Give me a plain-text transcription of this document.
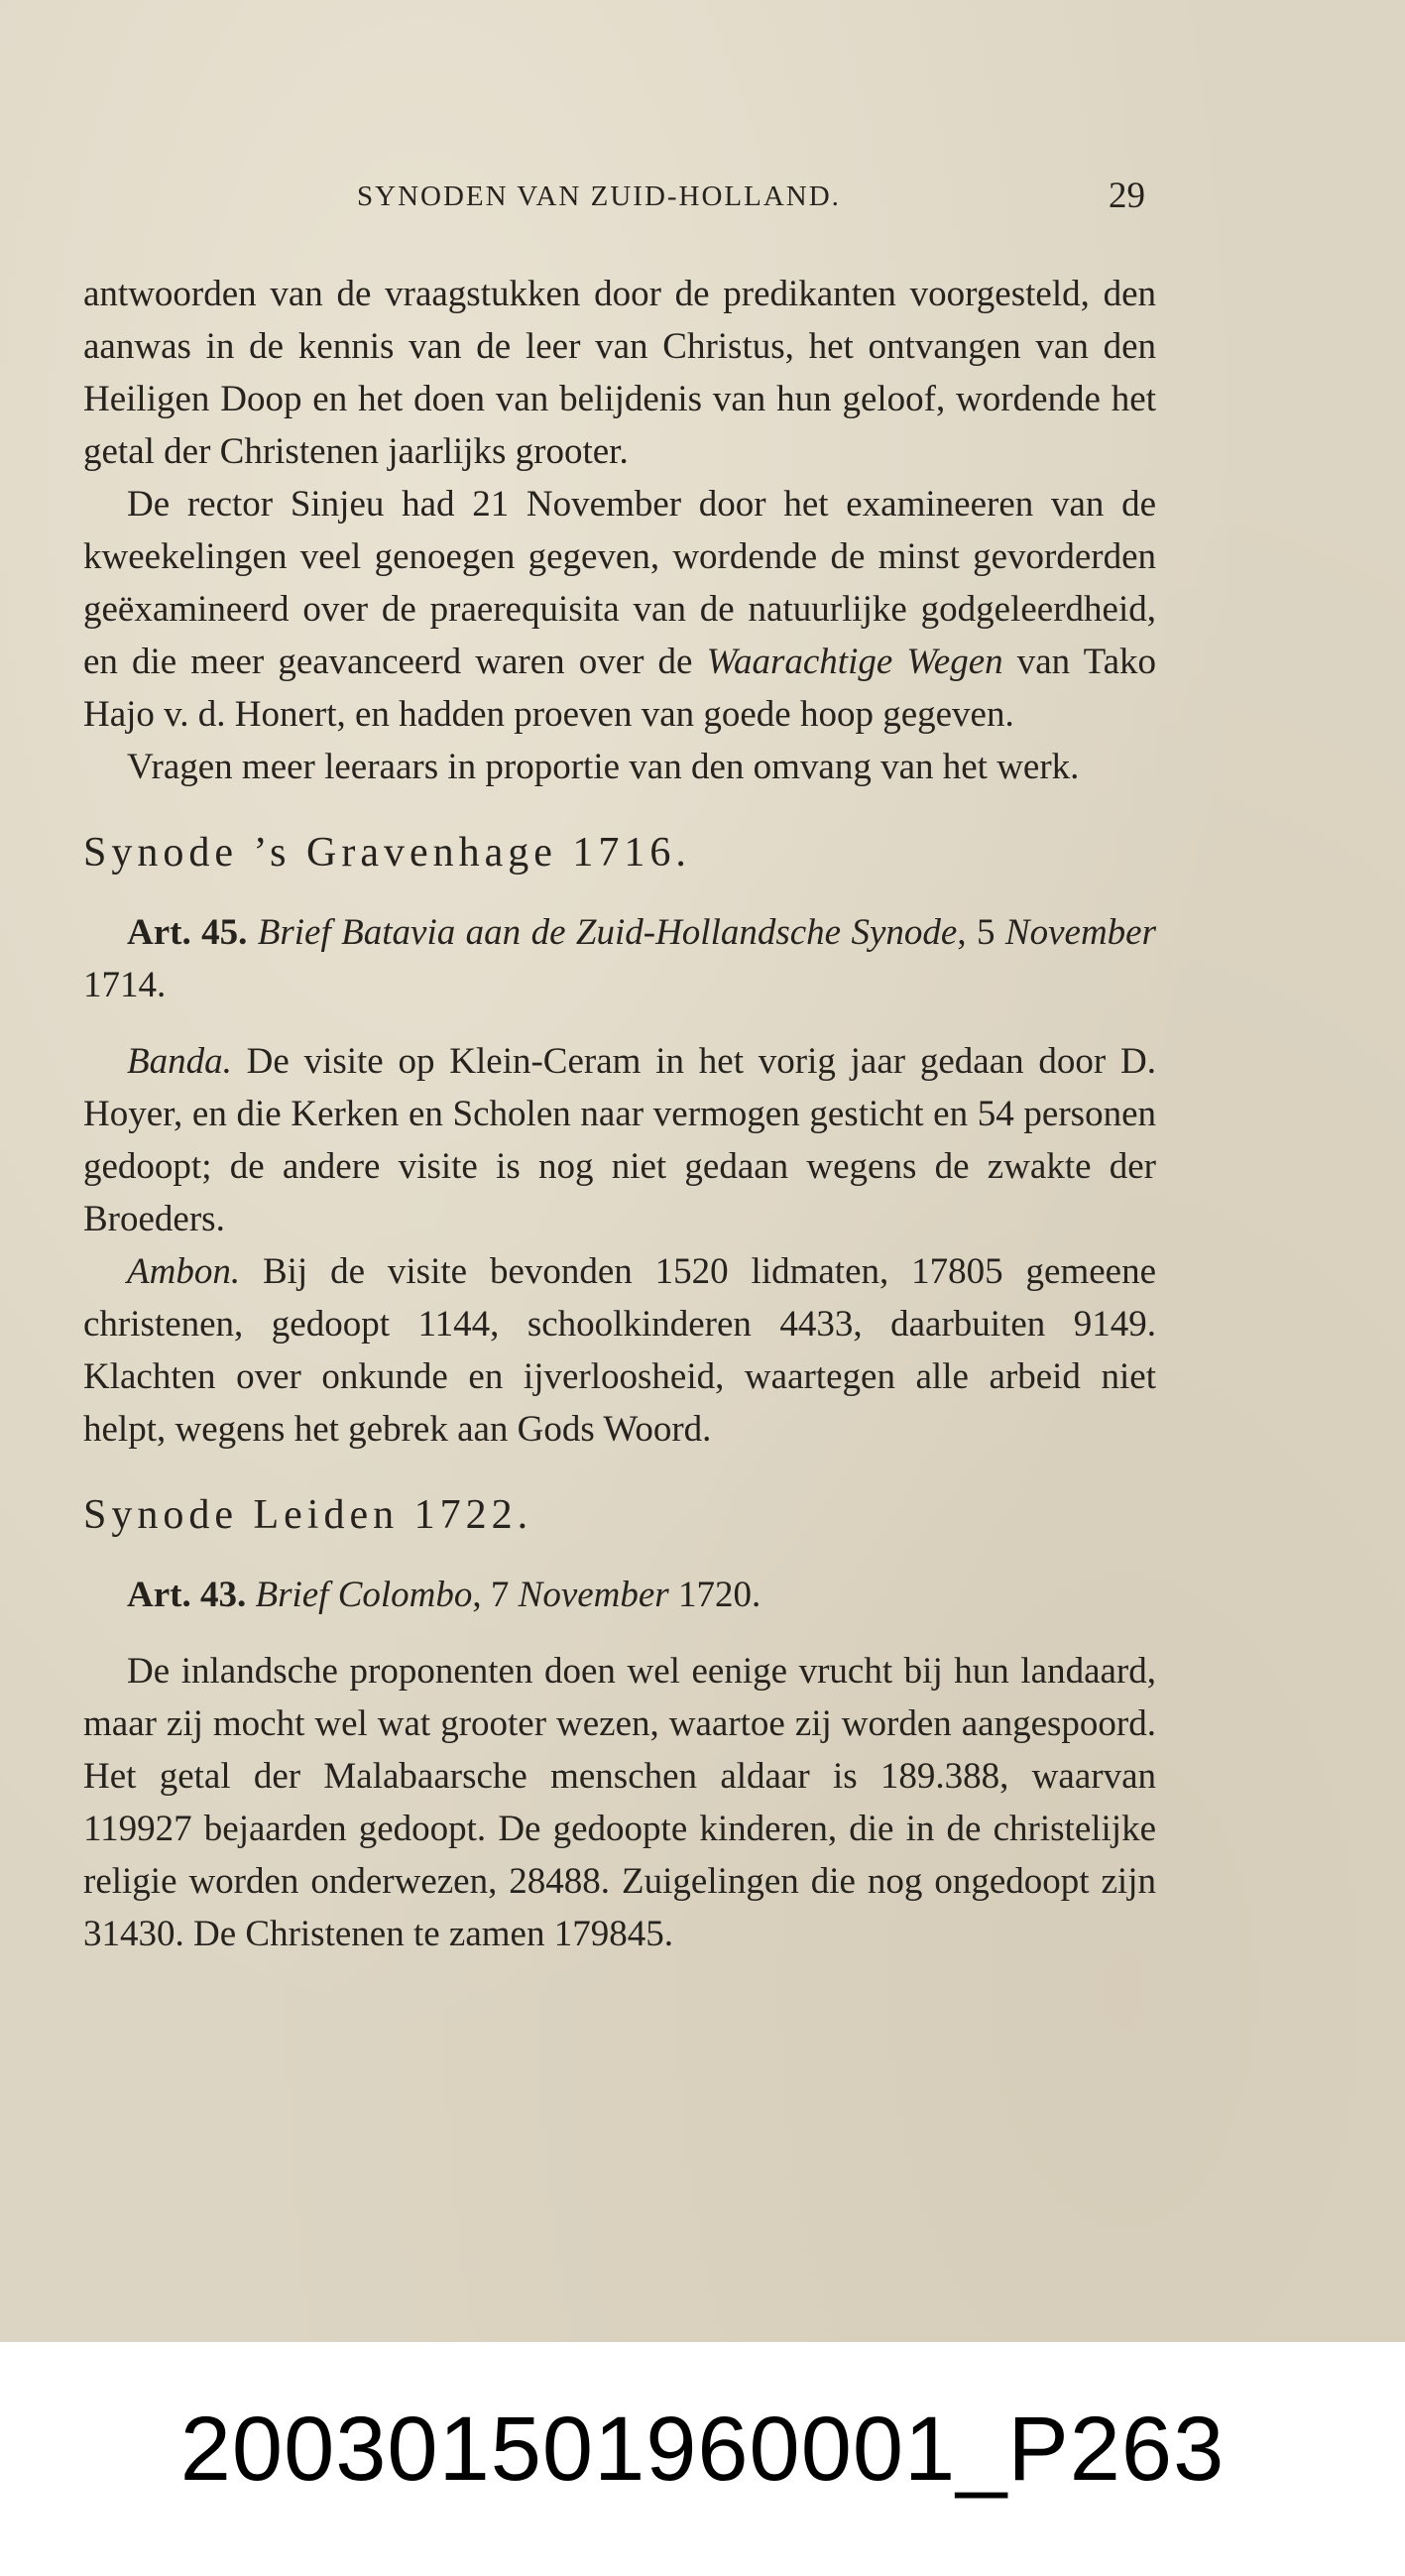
SYNODEN VAN ZUID-HOLLAND.	29

antwoorden van de vraagstukken door de predikanten voorgesteld, den aanwas in de kennis van de leer van Christus, het ontvangen van den Heiligen Doop en het doen van belijdenis van hun geloof, wordende het getal der Christenen jaarlijks grooter.

De rector Sinjeu had 21 November door het examineeren van de kweekelingen veel genoegen gegeven, wordende de minst gevorderden geëxamineerd over de praerequisita van de natuurlijke godgeleerdheid, en die meer geavanceerd waren over de Waarachtige Wegen van Tako Hajo v. d. Honert, en hadden proeven van goede hoop gegeven.

Vragen meer leeraars in proportie van den omvang van het werk.

Synode ’s Gravenhage 1716.

Art. 45. Brief Batavia aan de Zuid-Hollandsche Synode, 5 November 1714.

Banda. De visite op Klein-Ceram in het vorig jaar gedaan door D. Hoyer, en die Kerken en Scholen naar vermogen gesticht en 54 personen gedoopt; de andere visite is nog niet gedaan wegens de zwakte der Broeders.

Ambon. Bij de visite bevonden 1520 lidmaten, 17805 gemeene christenen, gedoopt 1144, schoolkinderen 4433, daarbuiten 9149. Klachten over onkunde en ijverloosheid, waartegen alle arbeid niet helpt, wegens het gebrek aan Gods Woord.

Synode Leiden 1722.

Art. 43. Brief Colombo, 7 November 1720.

De inlandsche proponenten doen wel eenige vrucht bij hun landaard, maar zij mocht wel wat grooter wezen, waartoe zij worden aangespoord. Het getal der Malabaarsche menschen aldaar is 189.388, waarvan 119927 bejaarden gedoopt. De gedoopte kinderen, die in de christelijke religie worden onderwezen, 28488. Zuigelingen die nog ongedoopt zijn 31430. De Christenen te zamen 179845.

200301501960001_P263
